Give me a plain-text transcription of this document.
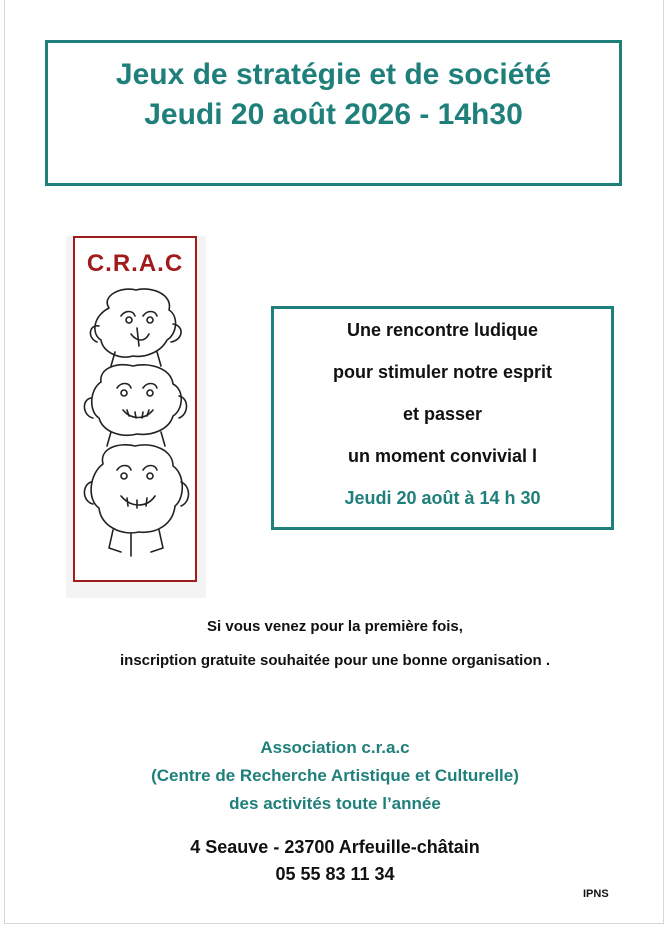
Jeux de stratégie et de société
Jeudi 20 août 2026 - 14h30
C.R.A.C
Une rencontre ludique
pour stimuler notre esprit
et passer
un moment convivial l
Jeudi 20 août à 14 h 30
Si vous venez pour la première fois,
inscription gratuite souhaitée pour une bonne organisation .
Association c.r.a.c
(Centre de Recherche Artistique et Culturelle)
des activités toute l’année
4 Seauve - 23700 Arfeuille-châtain
05 55 83 11 34
IPNS
